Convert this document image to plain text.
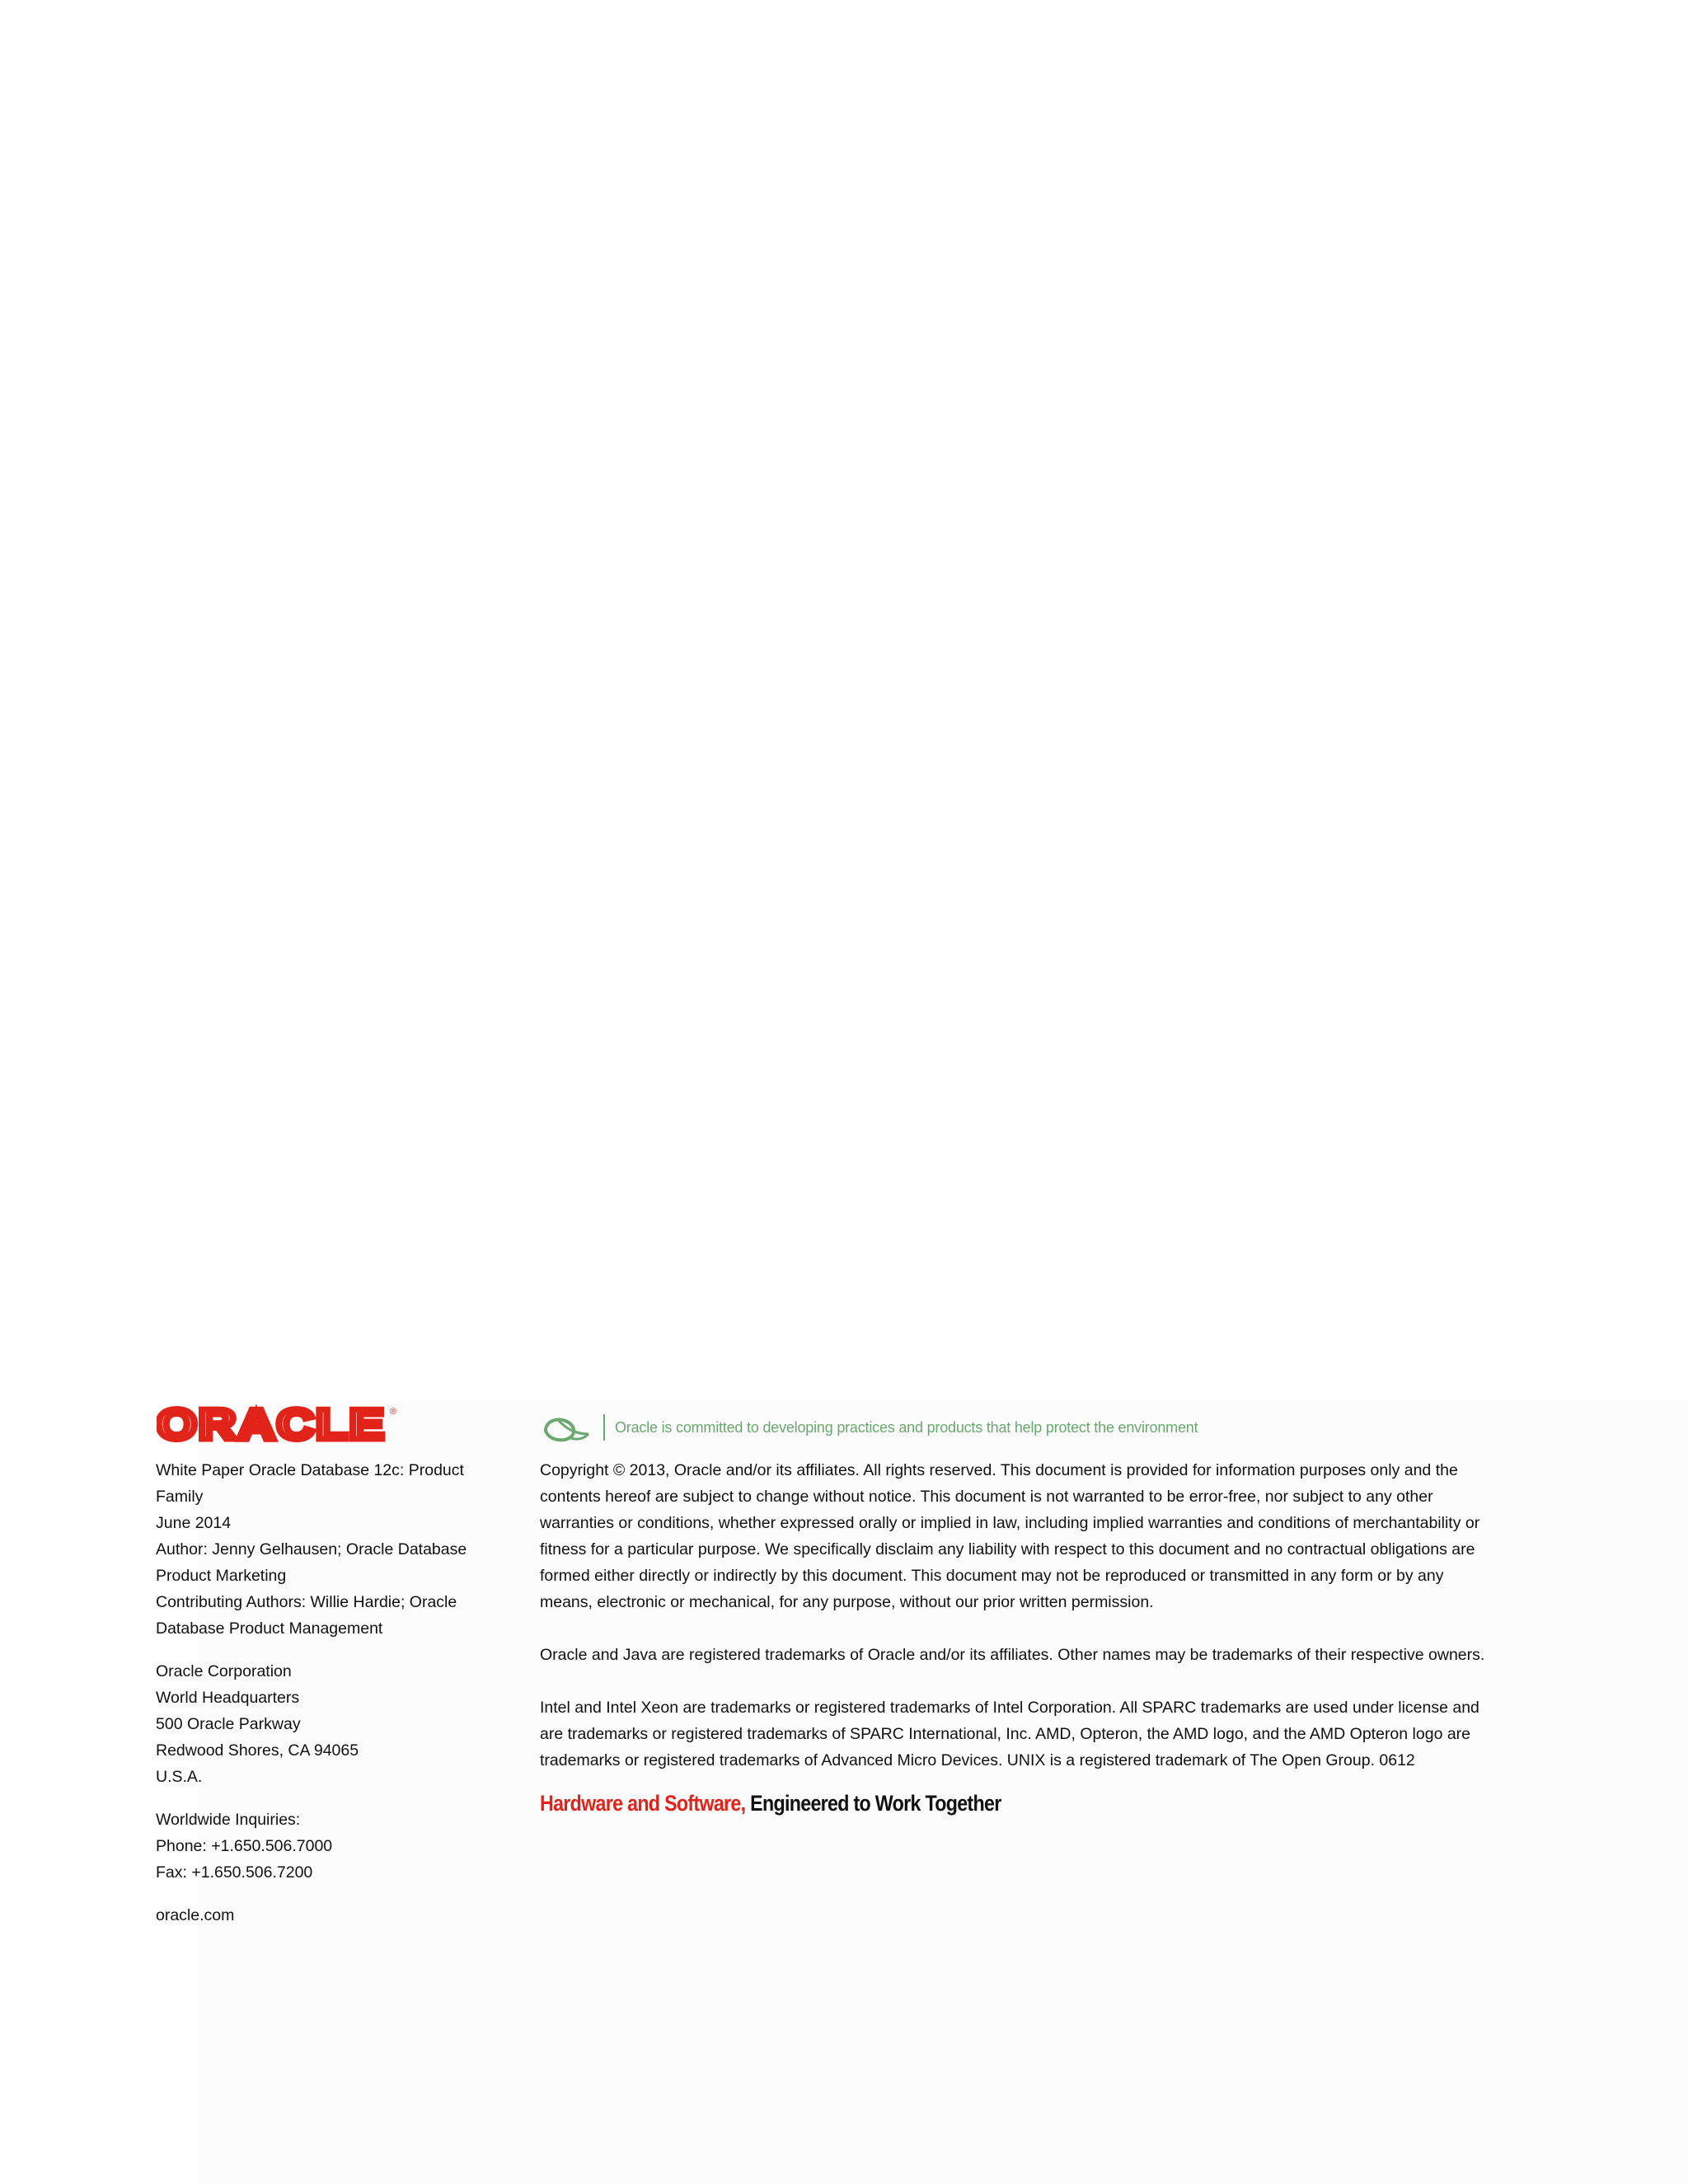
ORACLE ®
Oracle is committed to developing practices and products that help protect the environment
White Paper Oracle Database 12c: Product
Family
June 2014
Author: Jenny Gelhausen; Oracle Database
Product Marketing
Contributing Authors: Willie Hardie; Oracle
Database Product Management
Oracle Corporation
World Headquarters
500 Oracle Parkway
Redwood Shores, CA 94065
U.S.A.
Worldwide Inquiries:
Phone: +1.650.506.7000
Fax: +1.650.506.7200
oracle.com
Copyright © 2013, Oracle and/or its affiliates. All rights reserved. This document is provided for information purposes only and the
contents hereof are subject to change without notice. This document is not warranted to be error-free, nor subject to any other
warranties or conditions, whether expressed orally or implied in law, including implied warranties and conditions of merchantability or
fitness for a particular purpose. We specifically disclaim any liability with respect to this document and no contractual obligations are
formed either directly or indirectly by this document. This document may not be reproduced or transmitted in any form or by any
means, electronic or mechanical, for any purpose, without our prior written permission.
Oracle and Java are registered trademarks of Oracle and/or its affiliates. Other names may be trademarks of their respective owners.
Intel and Intel Xeon are trademarks or registered trademarks of Intel Corporation. All SPARC trademarks are used under license and
are trademarks or registered trademarks of SPARC International, Inc. AMD, Opteron, the AMD logo, and the AMD Opteron logo are
trademarks or registered trademarks of Advanced Micro Devices. UNIX is a registered trademark of The Open Group. 0612
Hardware and Software, Engineered to Work Together
